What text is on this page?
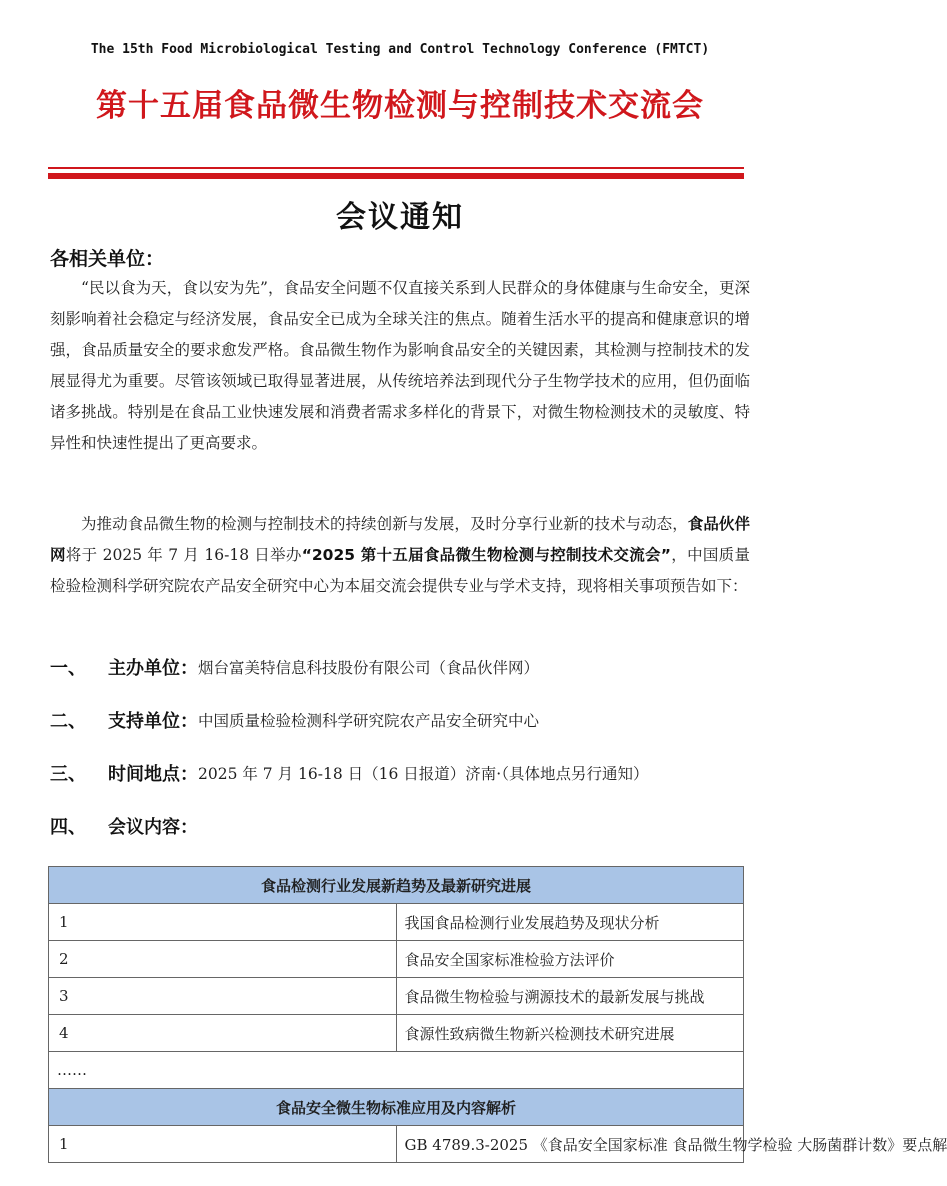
The 15th Food Microbiological Testing and Control Technology Conference (FMTCT)
第十五届食品微生物检测与控制技术交流会
会议通知
各相关单位：
“民以食为天，食以安为先”，食品安全问题不仅直接关系到人民群众的身体健康与生命安全，更深刻影响着社会稳定与经济发展，食品安全已成为全球关注的焦点。随着生活水平的提高和健康意识的增强，食品质量安全的要求愈发严格。食品微生物作为影响食品安全的关键因素，其检测与控制技术的发展显得尤为重要。尽管该领域已取得显著进展，从传统培养法到现代分子生物学技术的应用，但仍面临诸多挑战。特别是在食品工业快速发展和消费者需求多样化的背景下，对微生物检测技术的灵敏度、特异性和快速性提出了更高要求。
为推动食品微生物的检测与控制技术的持续创新与发展，及时分享行业新的技术与动态，食品伙伴网将于 2025 年 7 月 16-18 日举办“2025 第十五届食品微生物检测与控制技术交流会”，中国质量检验检测科学研究院农产品安全研究中心为本届交流会提供专业与学术支持，现将相关事项预告如下：
一、	主办单位： 烟台富美特信息科技股份有限公司（食品伙伴网）
二、	支持单位： 中国质量检验检测科学研究院农产品安全研究中心
三、	时间地点： 2025 年 7 月 16-18 日（16 日报道）济南·（具体地点另行通知）
四、	会议内容：
食品检测行业发展新趋势及最新研究进展	
1	我国食品检测行业发展趋势及现状分析
2	食品安全国家标准检验方法评价
3	食品微生物检验与溯源技术的最新发展与挑战
4	食源性致病微生物新兴检测技术研究进展
……	
食品安全微生物标准应用及内容解析	
1	GB 4789.3-2025 《食品安全国家标准 食品微生物学检验 大肠菌群计数》要点解
